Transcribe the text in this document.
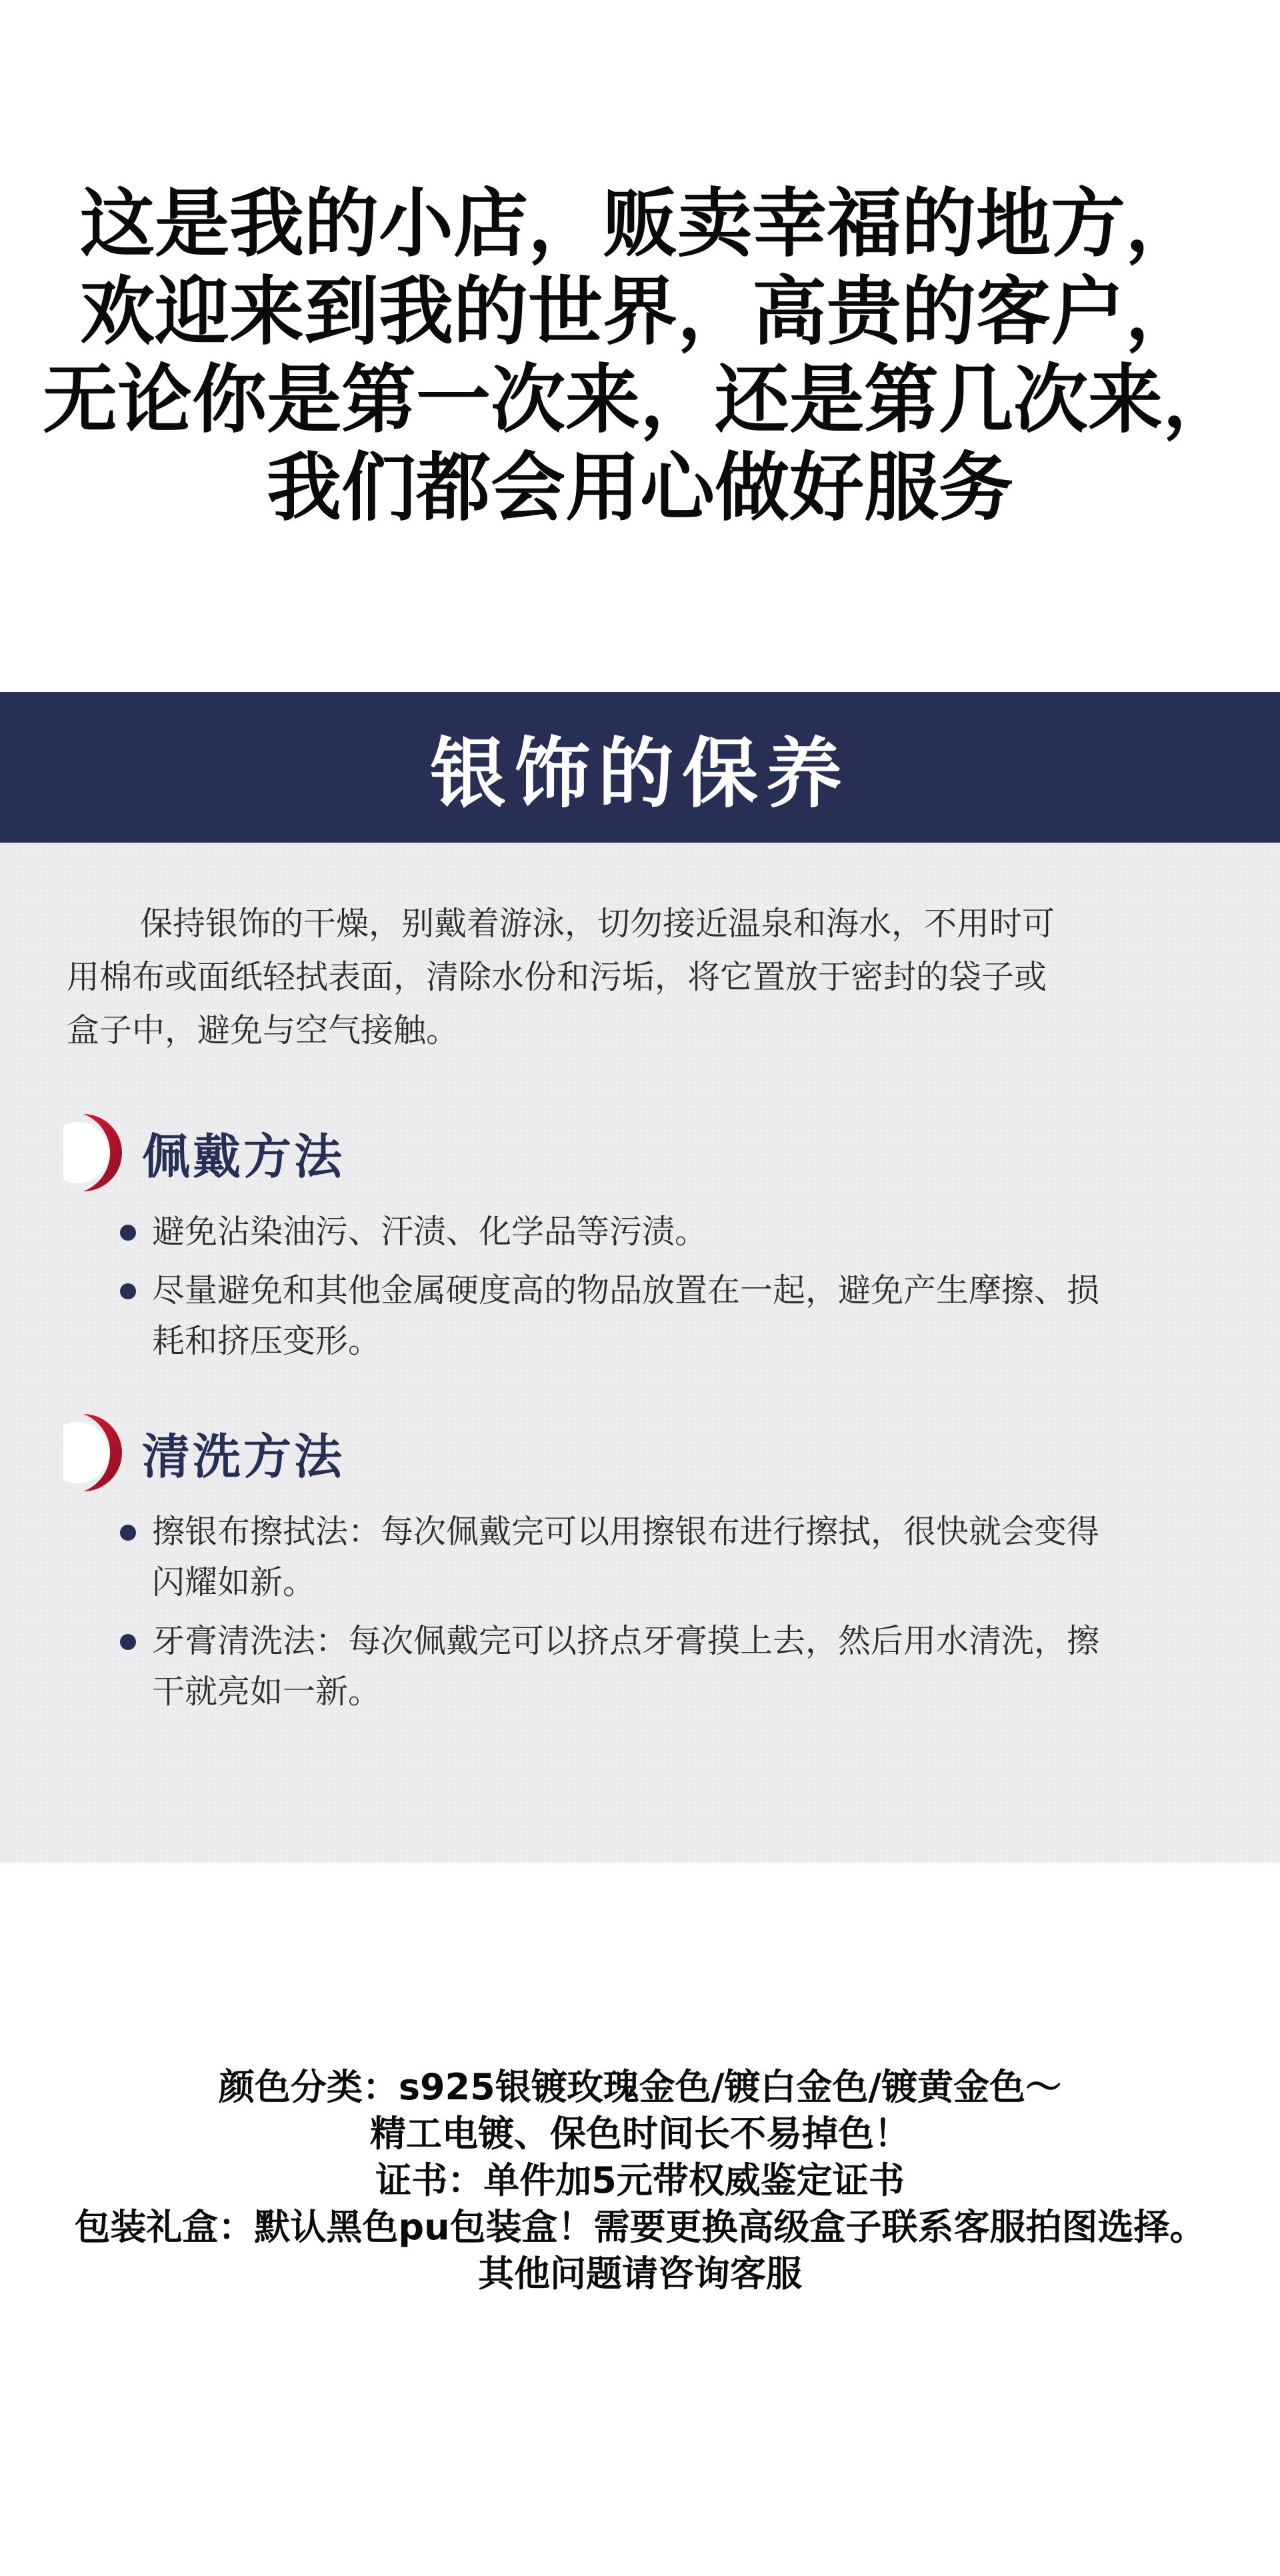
这是我的小店，贩卖幸福的地方，
欢迎来到我的世界，高贵的客户，
无论你是第一次来，还是第几次来，
我们都会用心做好服务
银饰的保养
保持银饰的干燥，别戴着游泳，切勿接近温泉和海水，不用时可
用棉布或面纸轻拭表面，清除水份和污垢，将它置放于密封的袋子或
盒子中，避免与空气接触。
佩戴方法
避免沾染油污、汗渍、化学品等污渍。
尽量避免和其他金属硬度高的物品放置在一起，避免产生摩擦、损
耗和挤压变形。
清洗方法
擦银布擦拭法：每次佩戴完可以用擦银布进行擦拭，很快就会变得
闪耀如新。
牙膏清洗法：每次佩戴完可以挤点牙膏摸上去，然后用水清洗，擦
干就亮如一新。
颜色分类：s925银镀玫瑰金色/镀白金色/镀黄金色～
精工电镀、保色时间长不易掉色！
证书：单件加5元带权威鉴定证书
包装礼盒：默认黑色pu包装盒！需要更换高级盒子联系客服拍图选择。
其他问题请咨询客服
